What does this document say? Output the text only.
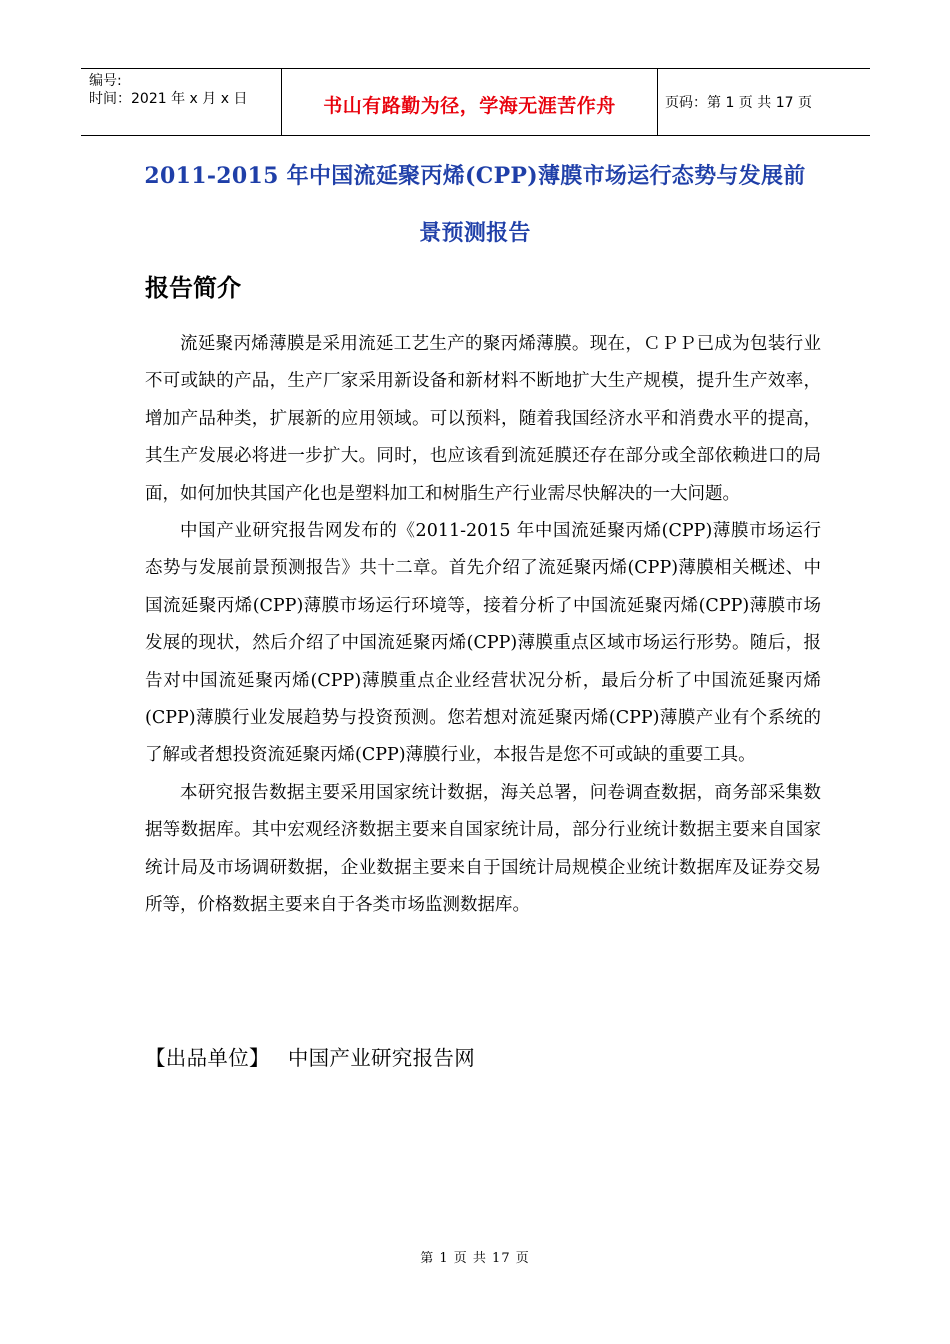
编号:
时间：2021 年 x 月 x 日	书山有路勤为径，学海无涯苦作舟	页码：第 1 页 共 17 页
2011-2015 年中国流延聚丙烯(CPP)薄膜市场运行态势与发展前
景预测报告
报告简介

流延聚丙烯薄膜是采用流延工艺生产的聚丙烯薄膜。现在，ＣＰＰ已成为包装行业不可或缺的产品，生产厂家采用新设备和新材料不断地扩大生产规模，提升生产效率，增加产品种类，扩展新的应用领域。可以预料，随着我国经济水平和消费水平的提高，其生产发展必将进一步扩大。同时，也应该看到流延膜还存在部分或全部依赖进口的局面，如何加快其国产化也是塑料加工和树脂生产行业需尽快解决的一大问题。

中国产业研究报告网发布的《2011-2015 年中国流延聚丙烯(CPP)薄膜市场运行态势与发展前景预测报告》共十二章。首先介绍了流延聚丙烯(CPP)薄膜相关概述、中国流延聚丙烯(CPP)薄膜市场运行环境等，接着分析了中国流延聚丙烯(CPP)薄膜市场发展的现状，然后介绍了中国流延聚丙烯(CPP)薄膜重点区域市场运行形势。随后，报告对中国流延聚丙烯(CPP)薄膜重点企业经营状况分析，最后分析了中国流延聚丙烯(CPP)薄膜行业发展趋势与投资预测。您若想对流延聚丙烯(CPP)薄膜产业有个系统的了解或者想投资流延聚丙烯(CPP)薄膜行业，本报告是您不可或缺的重要工具。

本研究报告数据主要采用国家统计数据，海关总署，问卷调查数据，商务部采集数据等数据库。其中宏观经济数据主要来自国家统计局，部分行业统计数据主要来自国家统计局及市场调研数据，企业数据主要来自于国统计局规模企业统计数据库及证券交易所等，价格数据主要来自于各类市场监测数据库。

【出品单位】 中国产业研究报告网
第 1 页 共 17 页
